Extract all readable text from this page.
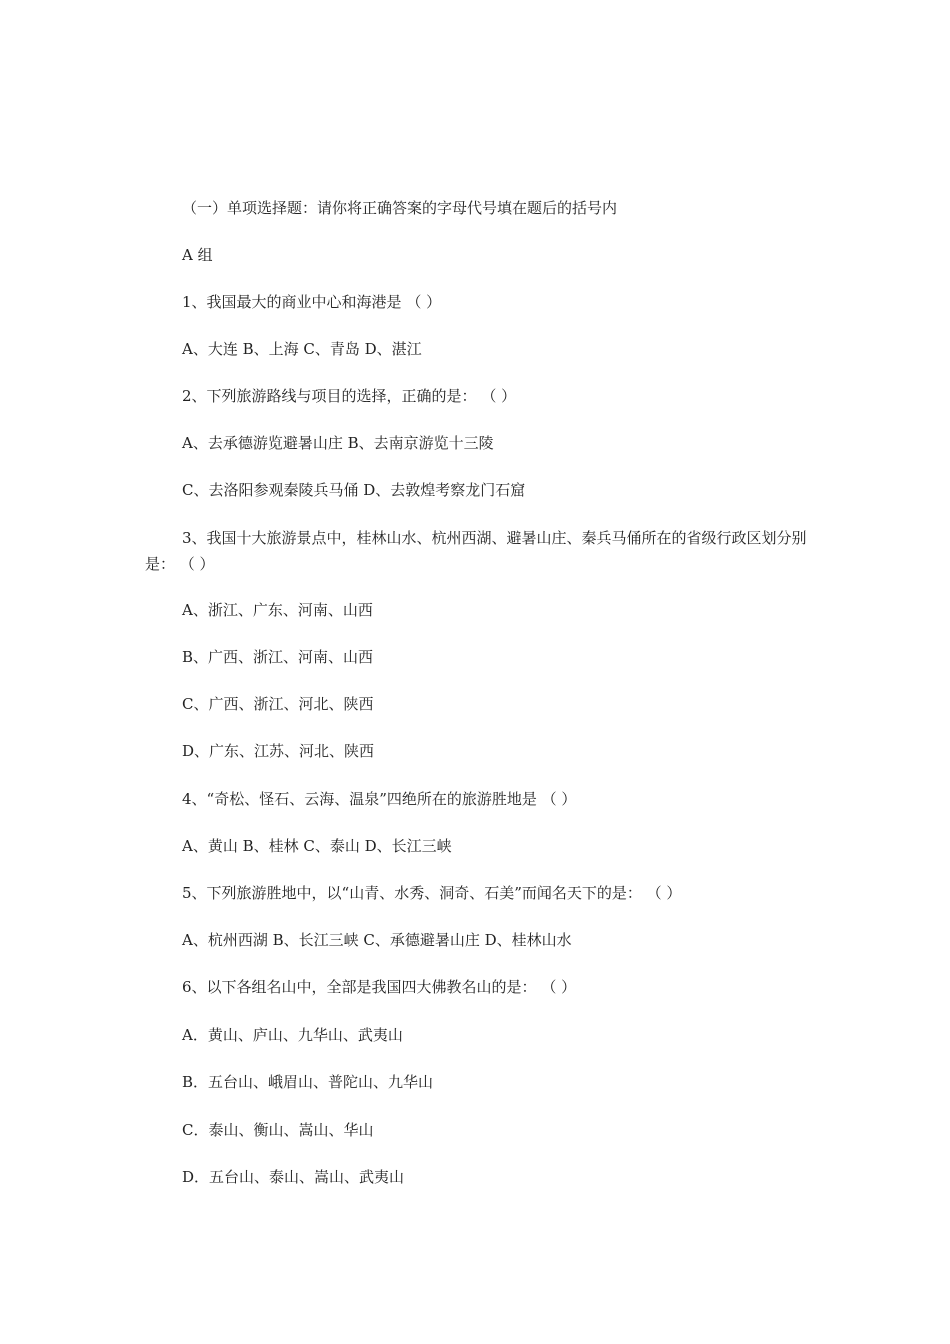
（一）单项选择题：请你将正确答案的字母代号填在题后的括号内
A 组
1、我国最大的商业中心和海港是 （ ）
A、大连 B、上海 C、青岛 D、湛江
2、下列旅游路线与项目的选择，正确的是： （ ）
A、去承德游览避暑山庄 B、去南京游览十三陵
C、去洛阳参观秦陵兵马俑 D、去敦煌考察龙门石窟
3、我国十大旅游景点中，桂林山水、杭州西湖、避暑山庄、秦兵马俑所在的省级行政区划分别是： （ ）
A、浙江、广东、河南、山西
B、广西、浙江、河南、山西
C、广西、浙江、河北、陕西
D、广东、江苏、河北、陕西
4、“奇松、怪石、云海、温泉”四绝所在的旅游胜地是 （ ）
A、黄山 B、桂林 C、泰山 D、长江三峡
5、下列旅游胜地中，以“山青、水秀、洞奇、石美”而闻名天下的是： （ ）
A、杭州西湖 B、长江三峡 C、承德避暑山庄 D、桂林山水
6、以下各组名山中，全部是我国四大佛教名山的是： （ ）
A．黄山、庐山、九华山、武夷山
B．五台山、峨眉山、普陀山、九华山
C．泰山、衡山、嵩山、华山
D．五台山、泰山、嵩山、武夷山
